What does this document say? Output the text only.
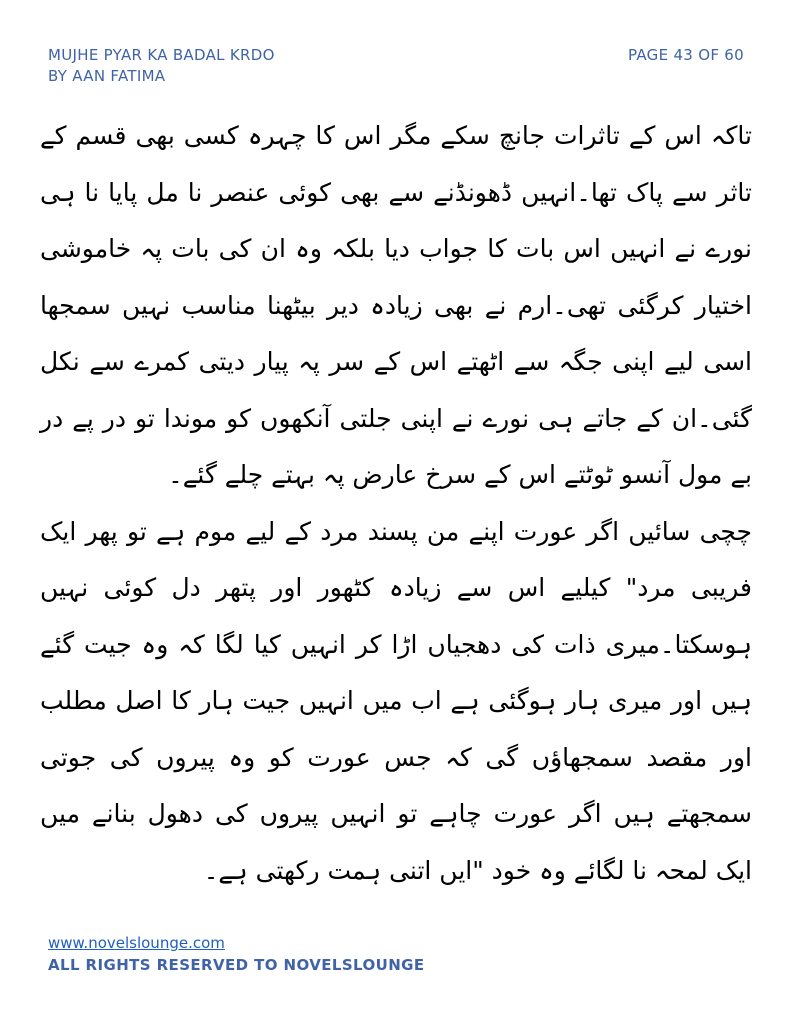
MUJHE PYAR KA BADAL KRDO
BY AAN FATIMA
PAGE 43 OF 60

تاکہ اس کے تاثرات جانچ سکے مگر اس کا چہرہ کسی بھی قسم کے تاثر سے پاک تھا۔انہیں ڈھونڈنے سے بھی کوئی عنصر نا مل پایا نا ہی نورے نے انہیں اس بات کا جواب دیا بلکہ وہ ان کی بات پہ خاموشی اختیار کرگئی تھی۔ارم نے بھی زیادہ دیر بیٹھنا مناسب نہیں سمجھا اسی لیے اپنی جگہ سے اٹھتے اس کے سر پہ پیار دیتی کمرے سے نکل گئی۔ان کے جاتے ہی نورے نے اپنی جلتی آنکھوں کو موندا تو در پے در بے مول آنسو ٹوٹتے اس کے سرخ عارض پہ بہتے چلے گئے۔

چچی سائیں اگر عورت اپنے من پسند مرد کے لیے موم ہے تو پھر ایک فریبی مرد" کیلیے اس سے زیادہ کٹھور اور پتھر دل کوئی نہیں ہوسکتا۔میری ذات کی دھجیاں اڑا کر انہیں کیا لگا کہ وہ جیت گئے ہیں اور میری ہار ہوگئی ہے اب میں انہیں جیت ہار کا اصل مطلب اور مقصد سمجھاؤں گی کہ جس عورت کو وہ پیروں کی جوتی سمجھتے ہیں اگر عورت چاہے تو انہیں پیروں کی دھول بنانے میں ایک لمحہ نا لگائے وہ خود "ایں اتنی ہمت رکھتی ہے۔

www.novelslounge.com
ALL RIGHTS RESERVED TO NOVELSLOUNGE
